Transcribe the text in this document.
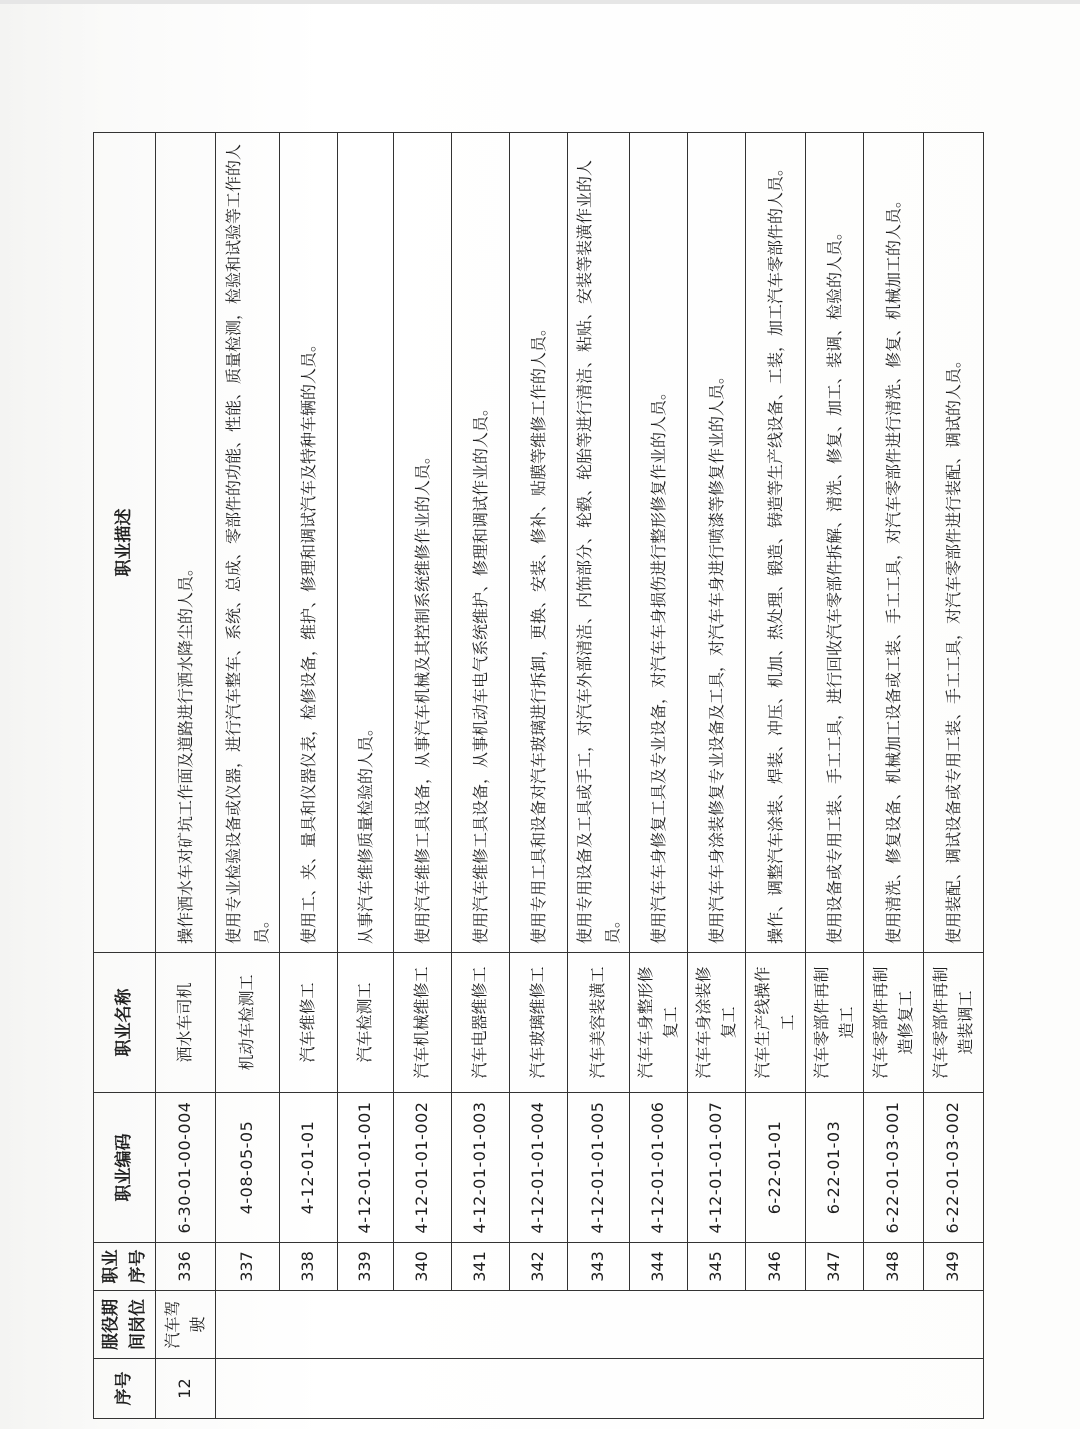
序号	服役期间岗位	职业序号	职业编码	职业名称	职业描述
12	汽车驾驶	336	6-30-01-00-004	洒水车司机	操作洒水车对矿坑工作面及道路进行洒水降尘的人员。
		337	4-08-05-05	机动车检测工	使用专业检验设备或仪器，进行汽车整车、系统、总成、零部件的功能、性能、质量检测，检验和试验等工作的人员。
		338	4-12-01-01	汽车维修工	使用工、夹、量具和仪器仪表，检修设备，维护、修理和调试汽车及特种车辆的人员。
		339	4-12-01-01-001	汽车检测工	从事汽车维修质量检验的人员。
		340	4-12-01-01-002	汽车机械维修工	使用汽车维修工具设备，从事汽车机械及其控制系统维修作业的人员。
		341	4-12-01-01-003	汽车电器维修工	使用汽车维修工具设备，从事机动车电气系统维护、修理和调试作业的人员。
		342	4-12-01-01-004	汽车玻璃维修工	使用专用工具和设备对汽车玻璃进行拆卸，更换、安装、修补、贴膜等维修工作的人员。
		343	4-12-01-01-005	汽车美容装潢工	使用专用设备及工具或手工，对汽车外部清洁、内饰部分、轮毂、轮胎等进行清洁、粘贴、安装等装潢作业的人员。
		344	4-12-01-01-006	汽车车身整形修复工	使用汽车车身修复工具及专业设备，对汽车车身损伤进行整形修复作业的人员。
		345	4-12-01-01-007	汽车车身涂装修复工	使用汽车车身涂装修复专业设备及工具，对汽车车身进行喷漆等修复作业的人员。
		346	6-22-01-01	汽车生产线操作工	操作、调整汽车涂装、焊装、冲压、机加、热处理、锻造、铸造等生产线设备、工装，加工汽车零部件的人员。
		347	6-22-01-03	汽车零部件再制造工	使用设备或专用工装、手工工具，进行回收汽车零部件拆解、清洗、修复、加工、装调、检验的人员。
		348	6-22-01-03-001	汽车零部件再制造修复工	使用清洗、修复设备、机械加工设备或工装、手工工具，对汽车零部件进行清洗、修复、机械加工的人员。
		349	6-22-01-03-002	汽车零部件再制造装调工	使用装配、调试设备或专用工装、手工工具，对汽车零部件进行装配、调试的人员。
